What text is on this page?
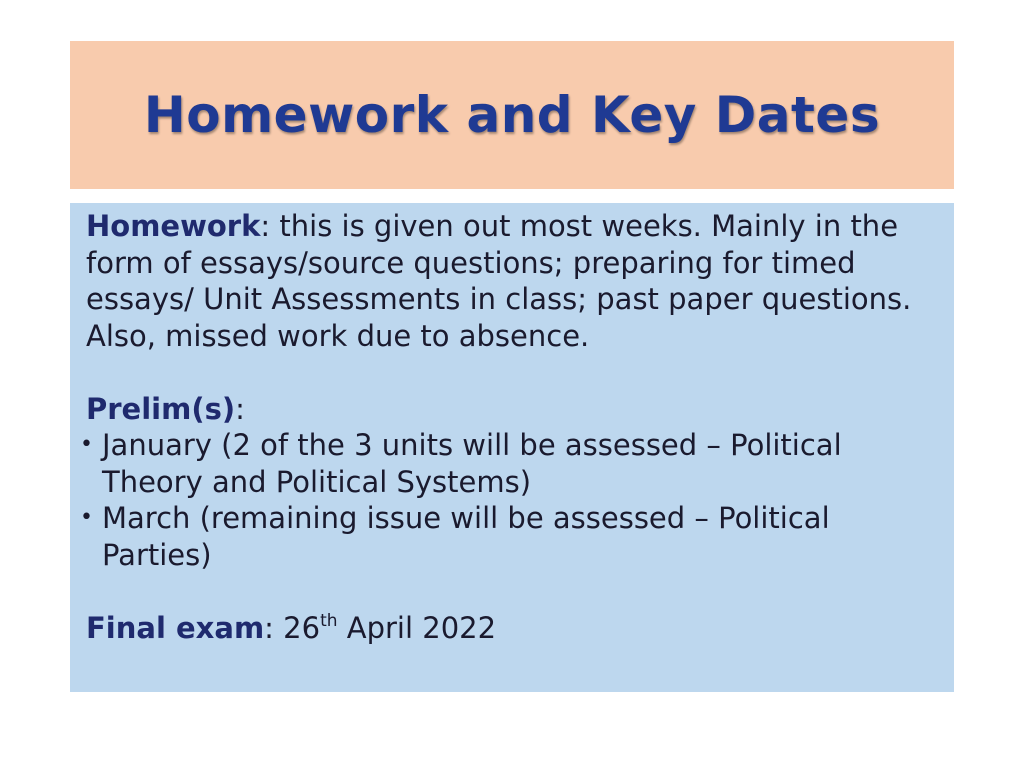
Homework and Key Dates

Homework: this is given out most weeks. Mainly in the form of essays/source questions; preparing for timed essays/ Unit Assessments in class; past paper questions. Also, missed work due to absence.

Prelim(s):

• January (2 of the 3 units will be assessed – Political Theory and Political Systems)
• March (remaining issue will be assessed – Political Parties)

Final exam: 26th April 2022
